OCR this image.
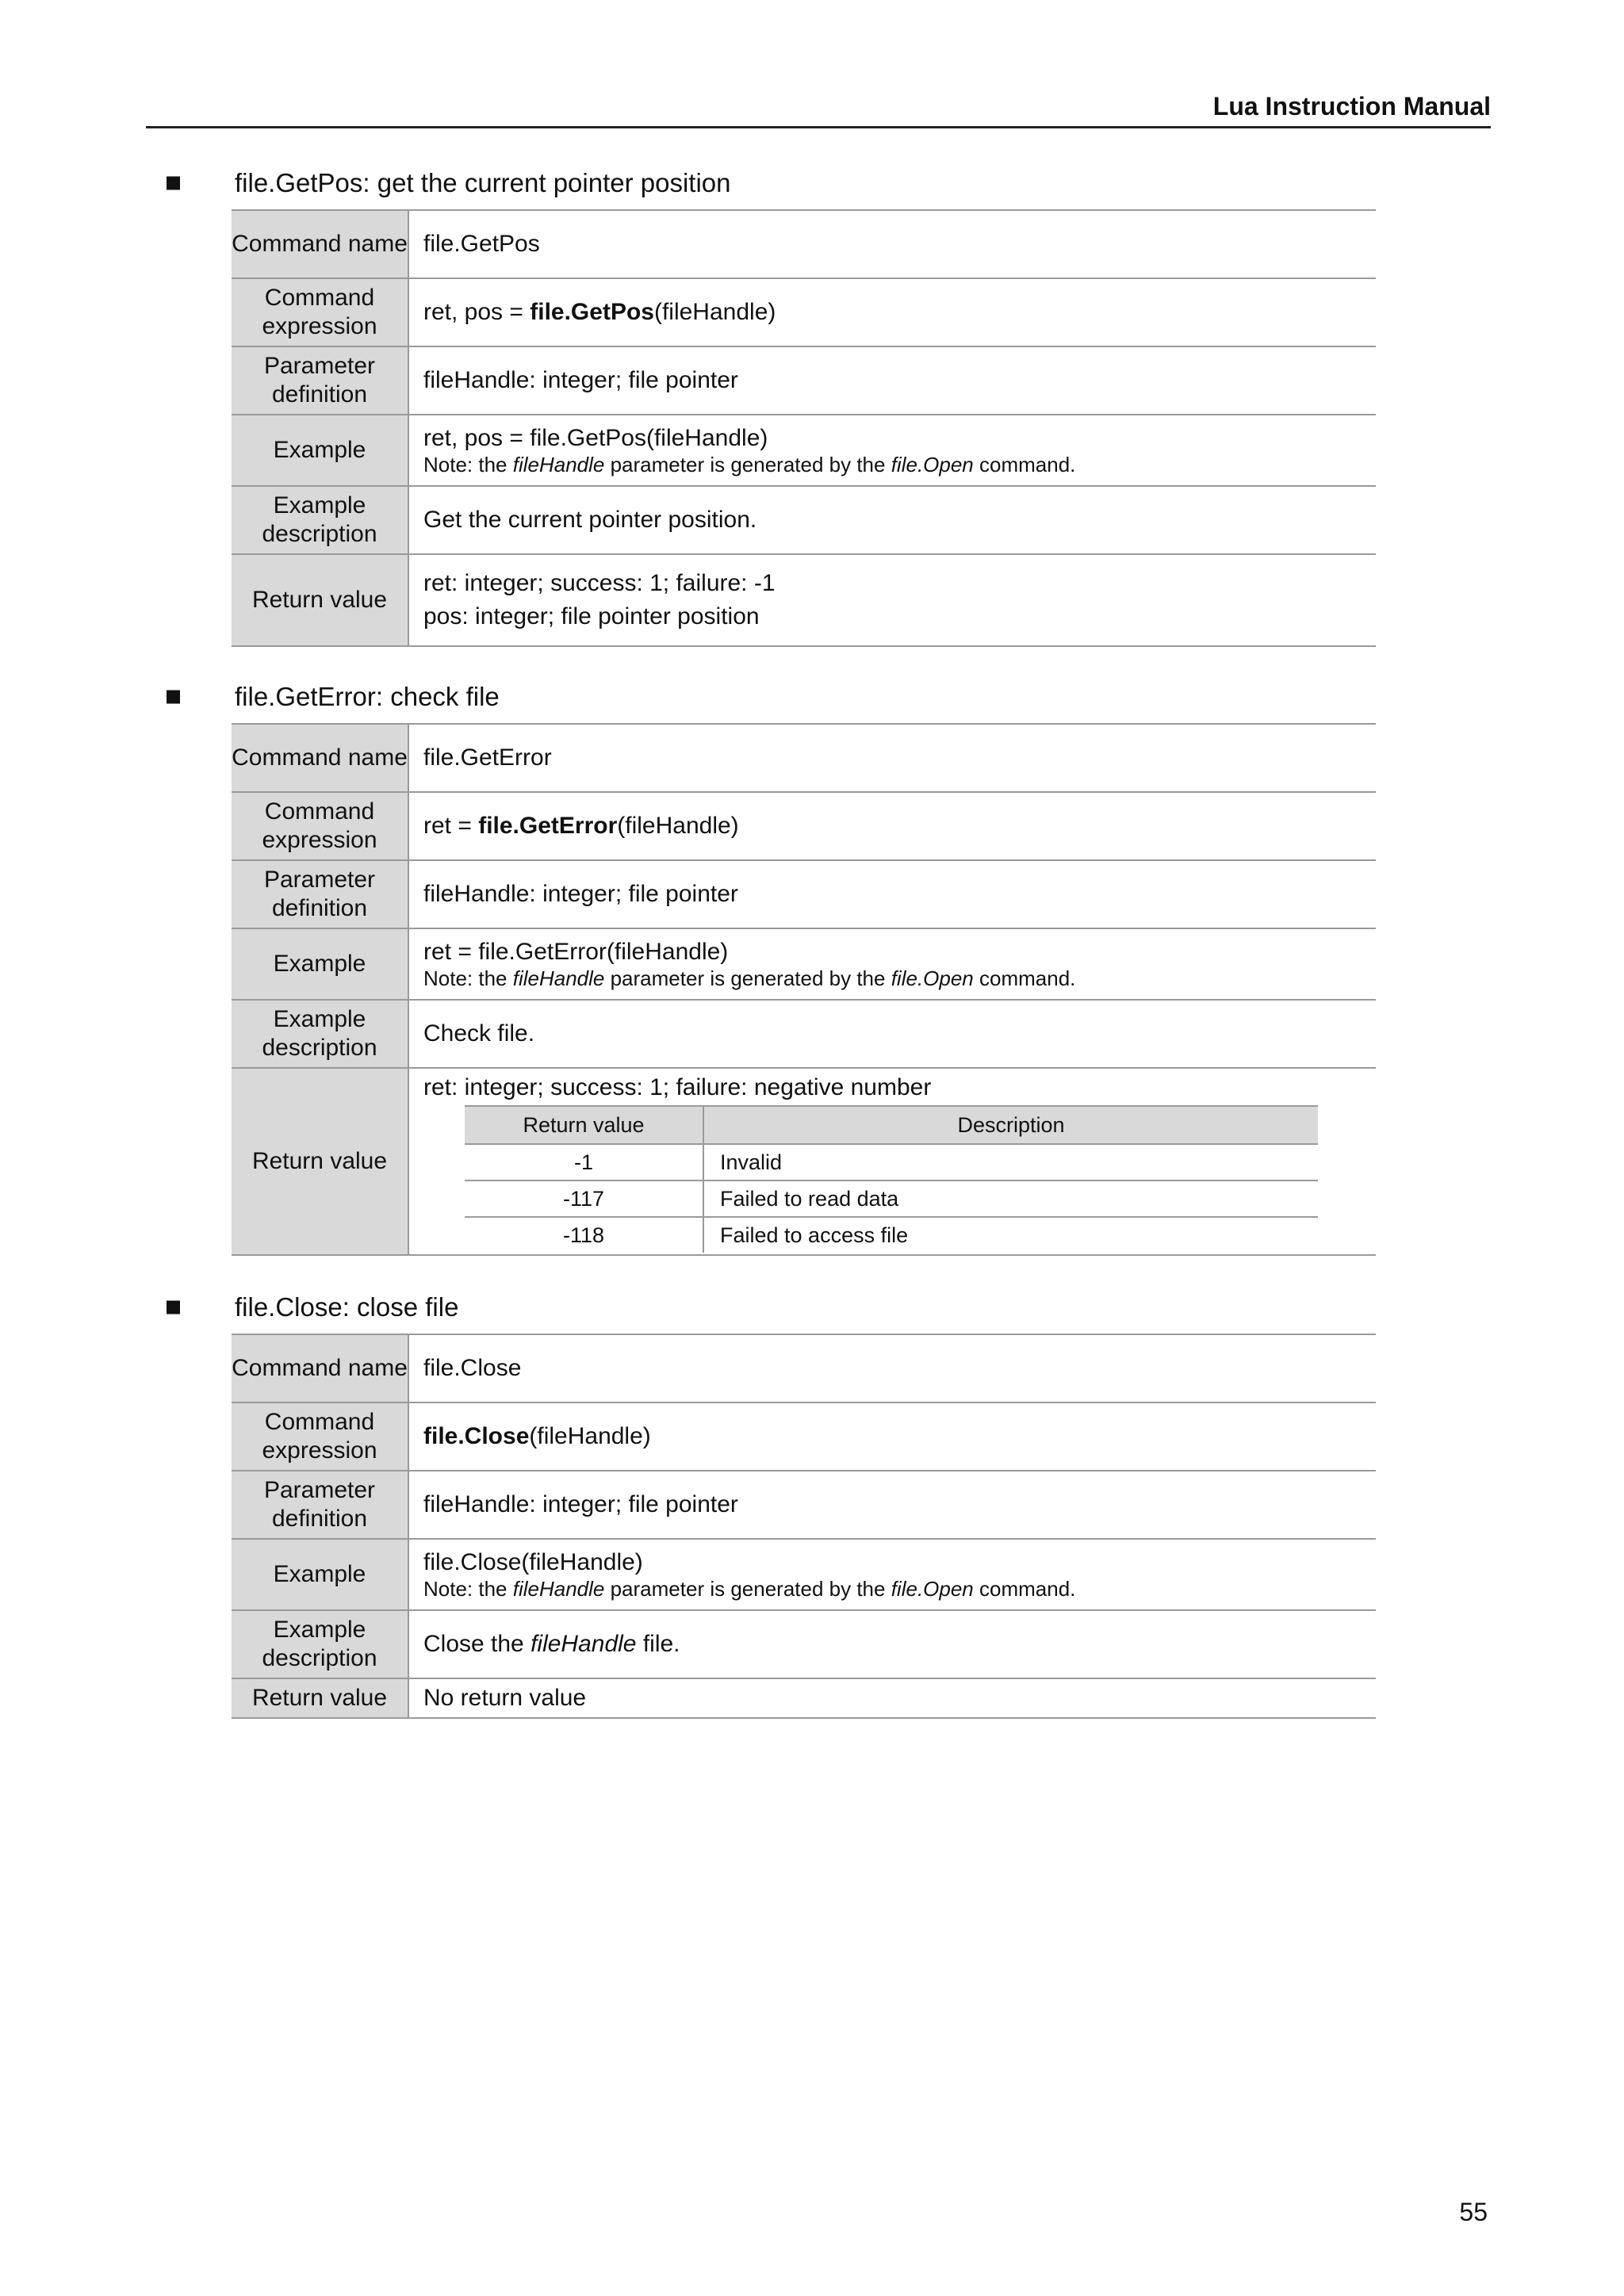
Lua Instruction Manual
file.GetPos: get the current pointer position
Command name	file.GetPos
Command expression	ret, pos = file.GetPos(fileHandle)
Parameter definition	fileHandle: integer; file pointer
Example	ret, pos = file.GetPos(fileHandle)
Note: the fileHandle parameter is generated by the file.Open command.

Example description	Get the current pointer position.
Return value	ret: integer; success: 1; failure: -1
pos: integer; file pointer position
file.GetError: check file
Command name	file.GetError
Command expression	ret = file.GetError(fileHandle)
Parameter definition	fileHandle: integer; file pointer
Example	ret = file.GetError(fileHandle)
Note: the fileHandle parameter is generated by the file.Open command.

Example description	Check file.
Return value	
ret: integer; success: 1; failure: negative number
Return value	Description
-1	Invalid
-117	Failed to read data
-118	Failed to access file
file.Close: close file
Command name	file.Close
Command expression	file.Close(fileHandle)
Parameter definition	fileHandle: integer; file pointer
Example	file.Close(fileHandle)
Note: the fileHandle parameter is generated by the file.Open command.

Example description	Close the fileHandle file.
Return value	No return value
55
